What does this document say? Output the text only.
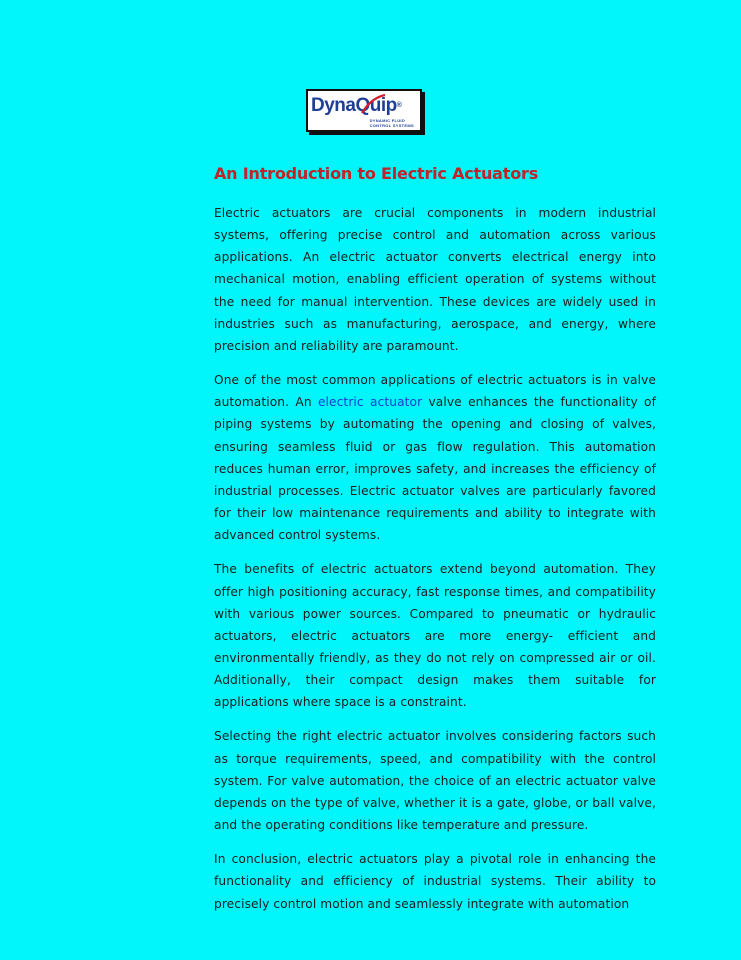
DynaQuip®
DYNAMIC FLUID
CONTROL SYSTEMS
An Introduction to Electric Actuators

Electric actuators are crucial components in modern industrial systems, offering precise control and automation across various applications. An electric actuator converts electrical energy into mechanical motion, enabling efficient operation of systems without the need for manual intervention. These devices are widely used in industries such as manufacturing, aerospace, and energy, where precision and reliability are paramount.

One of the most common applications of electric actuators is in valve automation. An electric actuator valve enhances the functionality of piping systems by automating the opening and closing of valves, ensuring seamless fluid or gas flow regulation. This automation reduces human error, improves safety, and increases the efficiency of industrial processes. Electric actuator valves are particularly favored for their low maintenance requirements and ability to integrate with advanced control systems.

The benefits of electric actuators extend beyond automation. They offer high positioning accuracy, fast response times, and compatibility with various power sources. Compared to pneumatic or hydraulic actuators, electric actuators are more energy- efficient and environmentally friendly, as they do not rely on compressed air or oil. Additionally, their compact design makes them suitable for applications where space is a constraint.

Selecting the right electric actuator involves considering factors such as torque requirements, speed, and compatibility with the control system. For valve automation, the choice of an electric actuator valve depends on the type of valve, whether it is a gate, globe, or ball valve, and the operating conditions like temperature and pressure.

In conclusion, electric actuators play a pivotal role in enhancing the functionality and efficiency of industrial systems. Their ability to precisely control motion and seamlessly integrate with automation
